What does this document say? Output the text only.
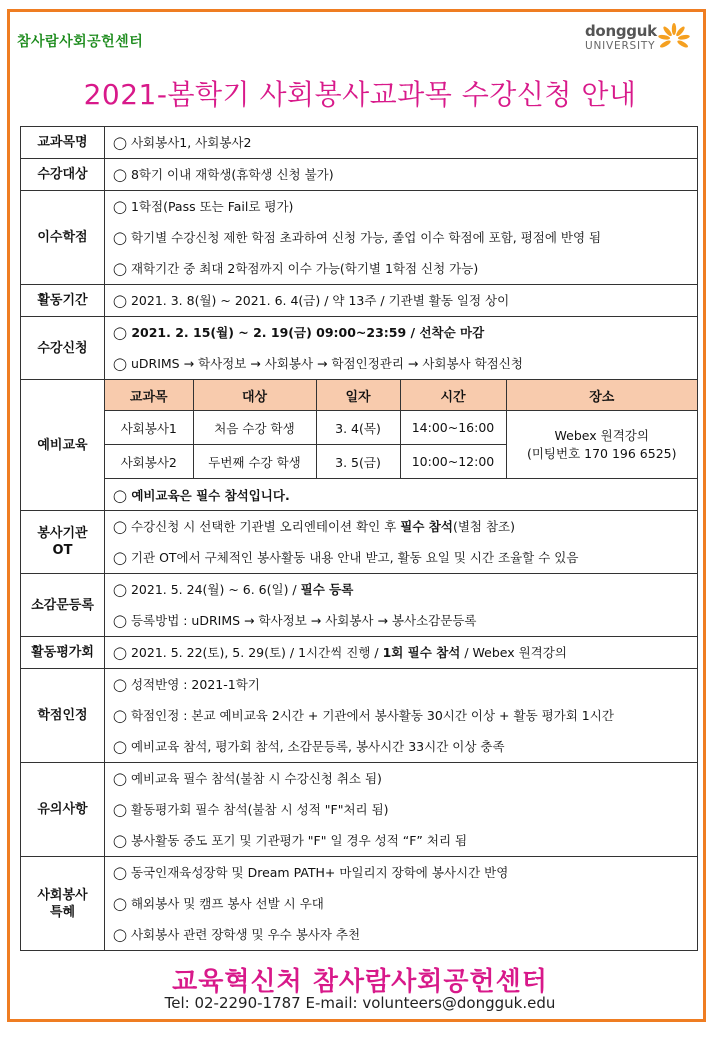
참사람사회공헌센터
dongguk
UNIVERSITY
2021-봄학기 사회봉사교과목 수강신청 안내
교과목명	◯ 사회봉사1, 사회봉사2

수강대상	◯ 8학기 이내 재학생(휴학생 신청 불가)

이수학점	
◯ 1학점(Pass 또는 Fail로 평가)
◯ 학기별 수강신청 제한 학점 초과하여 신청 가능, 졸업 이수 학점에 포함, 평점에 반영 됨
◯ 재학기간 중 최대 2학점까지 이수 가능(학기별 1학점 신청 가능)

활동기간	◯ 2021. 3. 8(월) ~ 2021. 6. 4(금) / 약 13주 / 기관별 활동 일정 상이

수강신청	
◯ 2021. 2. 15(월) ~ 2. 19(금) 09:00~23:59 / 선착순 마감
◯ uDRIMS → 학사정보 → 사회봉사 → 학점인정관리 → 사회봉사 학점신청

예비교육	
교과목	대상	일자	시간	장소
사회봉사1	처음 수강 학생	3. 4(목)	14:00~16:00	Webex 원격강의
(미팅번호 170 196 6525)

사회봉사2	두번째 수강 학생	3. 5(금)	10:00~12:00
◯ 예비교육은 필수 참석입니다.

봉사기관
OT

◯ 수강신청 시 선택한 기관별 오리엔테이션 확인 후 필수 참석(별첨 참조)
◯ 기관 OT에서 구체적인 봉사활동 내용 안내 받고, 활동 요일 및 시간 조율할 수 있음

소감문등록	
◯ 2021. 5. 24(월) ~ 6. 6(일) / 필수 등록
◯ 등록방법 : uDRIMS → 학사정보 → 사회봉사 → 봉사소감문등록

활동평가회	◯ 2021. 5. 22(토), 5. 29(토) / 1시간씩 진행 / 1회 필수 참석 / Webex 원격강의

학점인정	
◯ 성적반영 : 2021-1학기
◯ 학점인정 : 본교 예비교육 2시간 + 기관에서 봉사활동 30시간 이상 + 활동 평가회 1시간
◯ 예비교육 참석, 평가회 참석, 소감문등록, 봉사시간 33시간 이상 충족

유의사항	
◯ 예비교육 필수 참석(불참 시 수강신청 취소 됨)
◯ 활동평가회 필수 참석(불참 시 성적 "F"처리 됨)
◯ 봉사활동 중도 포기 및 기관평가 "F" 일 경우 성적 “F” 처리 됨

사회봉사
특혜

◯ 동국인재육성장학 및 Dream PATH+ 마일리지 장학에 봉사시간 반영
◯ 해외봉사 및 캠프 봉사 선발 시 우대
◯ 사회봉사 관련 장학생 및 우수 봉사자 추천
교육혁신처 참사람사회공헌센터
Tel: 02-2290-1787 E-mail: volunteers@dongguk.edu
